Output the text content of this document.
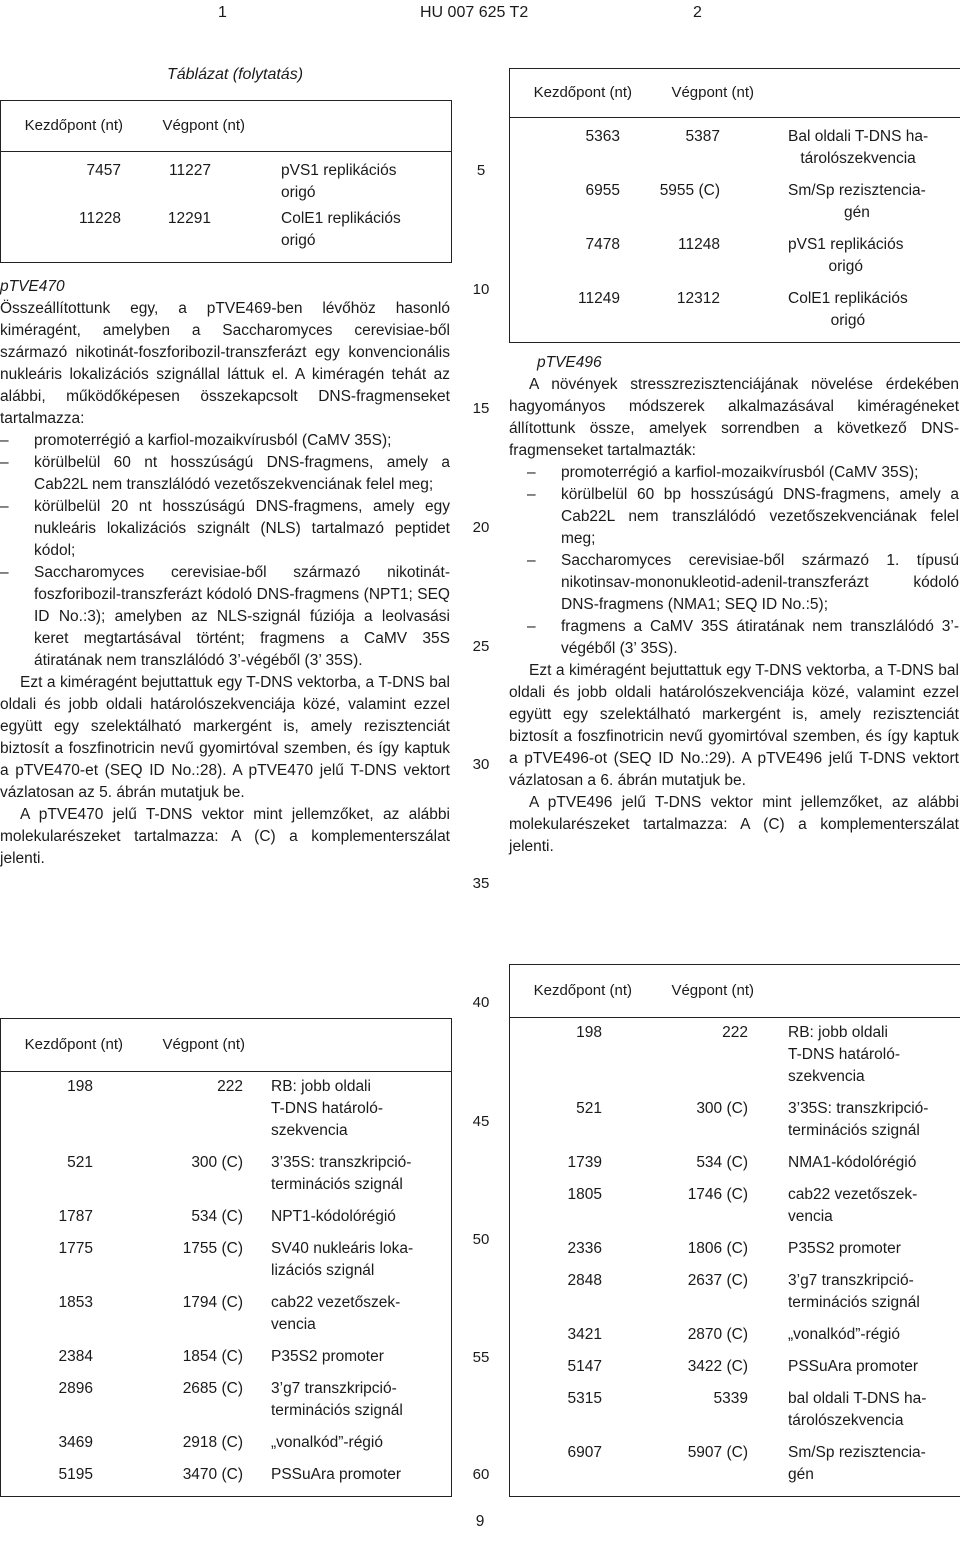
1	HU 007 625 T2	2
5
10
15
20
25
30
35
40
45
50
55
60
Táblázat (folytatás)
Kezdőpont (nt)	Végpont (nt)
7457	11227	pVS1 replikációs
origó
11228	12291	ColE1 replikációs
origó

pTVE470

Összeállítottunk egy, a pTVE469-ben lévőhöz hasonló kiméragént, amelyben a Saccharomyces cerevisiae-ből származó nikotinát-foszforibozil-transzferázt egy konvencionális nukleáris lokalizációs szignállal láttuk el. A kiméragén tehát az alábbi, működőképesen összekapcsolt DNS-fragmenseket tartalmazza:

– promoterrégió a karfiol-mozaikvírusból (CaMV 35S);
– körülbelül 60 nt hosszúságú DNS-fragmens, amely a Cab22L nem transzlálódó vezetőszekvenciának felel meg;
– körülbelül 20 nt hosszúságú DNS-fragmens, amely egy nukleáris lokalizációs szignált (NLS) tartalmazó peptidet kódol;
– Saccharomyces cerevisiae-ből származó nikotinát-foszforibozil-transzferázt kódoló DNS-fragmens (NPT1; SEQ ID No.:3); amelyben az NLS-szignál fúziója a leolvasási keret megtartásával történt; fragmens a CaMV 35S átiratának nem transzlálódó 3’-végéből (3’ 35S).

Ezt a kiméragént bejuttattuk egy T-DNS vektorba, a T-DNS bal oldali és jobb oldali határolószekvenciája közé, valamint ezzel együtt egy szelektálható markergént is, amely rezisztenciát biztosít a foszfinotricin nevű gyomirtóval szemben, és így kaptuk a pTVE470-et (SEQ ID No.:28). A pTVE470 jelű T-DNS vektort vázlatosan az 5. ábrán mutatjuk be.

A pTVE470 jelű T-DNS vektor mint jellemzőket, az alábbi molekularészeket tartalmazza: A (C) a komplementerszálat jelenti.

Kezdőpont (nt)	Végpont (nt)
198	222 RB: jobb oldali
T-DNS határoló-
szekvencia
521	300 (C) 3’35S: transzkripció-
terminációs szignál
1787	534 (C) NPT1-kódolórégió
1775	1755 (C) SV40 nukleáris loka-
lizációs szignál
1853	1794 (C) cab22 vezetőszek-
vencia
2384	1854 (C) P35S2 promoter
2896	2685 (C) 3’g7 transzkripció-
terminációs szignál
3469	2918 (C) „vonalkód”-régió
5195	3470 (C) PSSuAra promoter
Kezdőpont (nt)	Végpont (nt)
5363	5387	Bal oldali T-DNS ha-
tárolószekvencia
6955	5955 (C)	Sm/Sp rezisztencia-
gén
7478	11248	pVS1 replikációs
origó
11249	12312	ColE1 replikációs
origó

pTVE496

A növények stresszrezisztenciájának növelése érdekében hagyományos módszerek alkalmazásával kiméragéneket állítottunk össze, amelyek sorrendben a következő DNS-fragmenseket tartalmazták:

– promoterrégió a karfiol-mozaikvírusból (CaMV 35S);
– körülbelül 60 bp hosszúságú DNS-fragmens, amely a Cab22L nem transzlálódó vezetőszekvenciának felel meg;
– Saccharomyces cerevisiae-ből származó 1. típusú nikotinsav-mononukleotid-adenil-transzferázt kódoló DNS-fragmens (NMA1; SEQ ID No.:5);
– fragmens a CaMV 35S átiratának nem transzlálódó 3’-végéből (3’ 35S).

Ezt a kiméragént bejuttattuk egy T-DNS vektorba, a T-DNS bal oldali és jobb oldali határolószekvenciája közé, valamint ezzel együtt egy szelektálható markergént is, amely rezisztenciát biztosít a foszfinotricin nevű gyomirtóval szemben, és így kaptuk a pTVE496-ot (SEQ ID No.:29). A pTVE496 jelű T-DNS vektort vázlatosan a 6. ábrán mutatjuk be.

A pTVE496 jelű T-DNS vektor mint jellemzőket, az alábbi molekularészeket tartalmazza: A (C) a komplementerszálat jelenti.

Kezdőpont (nt)	Végpont (nt)
198	222	RB: jobb oldali
T-DNS határoló-
szekvencia
521	300 (C)	3’35S: transzkripció-
terminációs szignál
1739	534 (C)	NMA1-kódolórégió
1805	1746 (C)	cab22 vezetőszek-
vencia
2336	1806 (C)	P35S2 promoter
2848	2637 (C)	3’g7 transzkripció-
terminációs szignál
3421	2870 (C)	„vonalkód”-régió
5147	3422 (C)	PSSuAra promoter
5315	5339	bal oldali T-DNS ha-
tárolószekvencia
6907	5907 (C)	Sm/Sp rezisztencia-
gén
9
